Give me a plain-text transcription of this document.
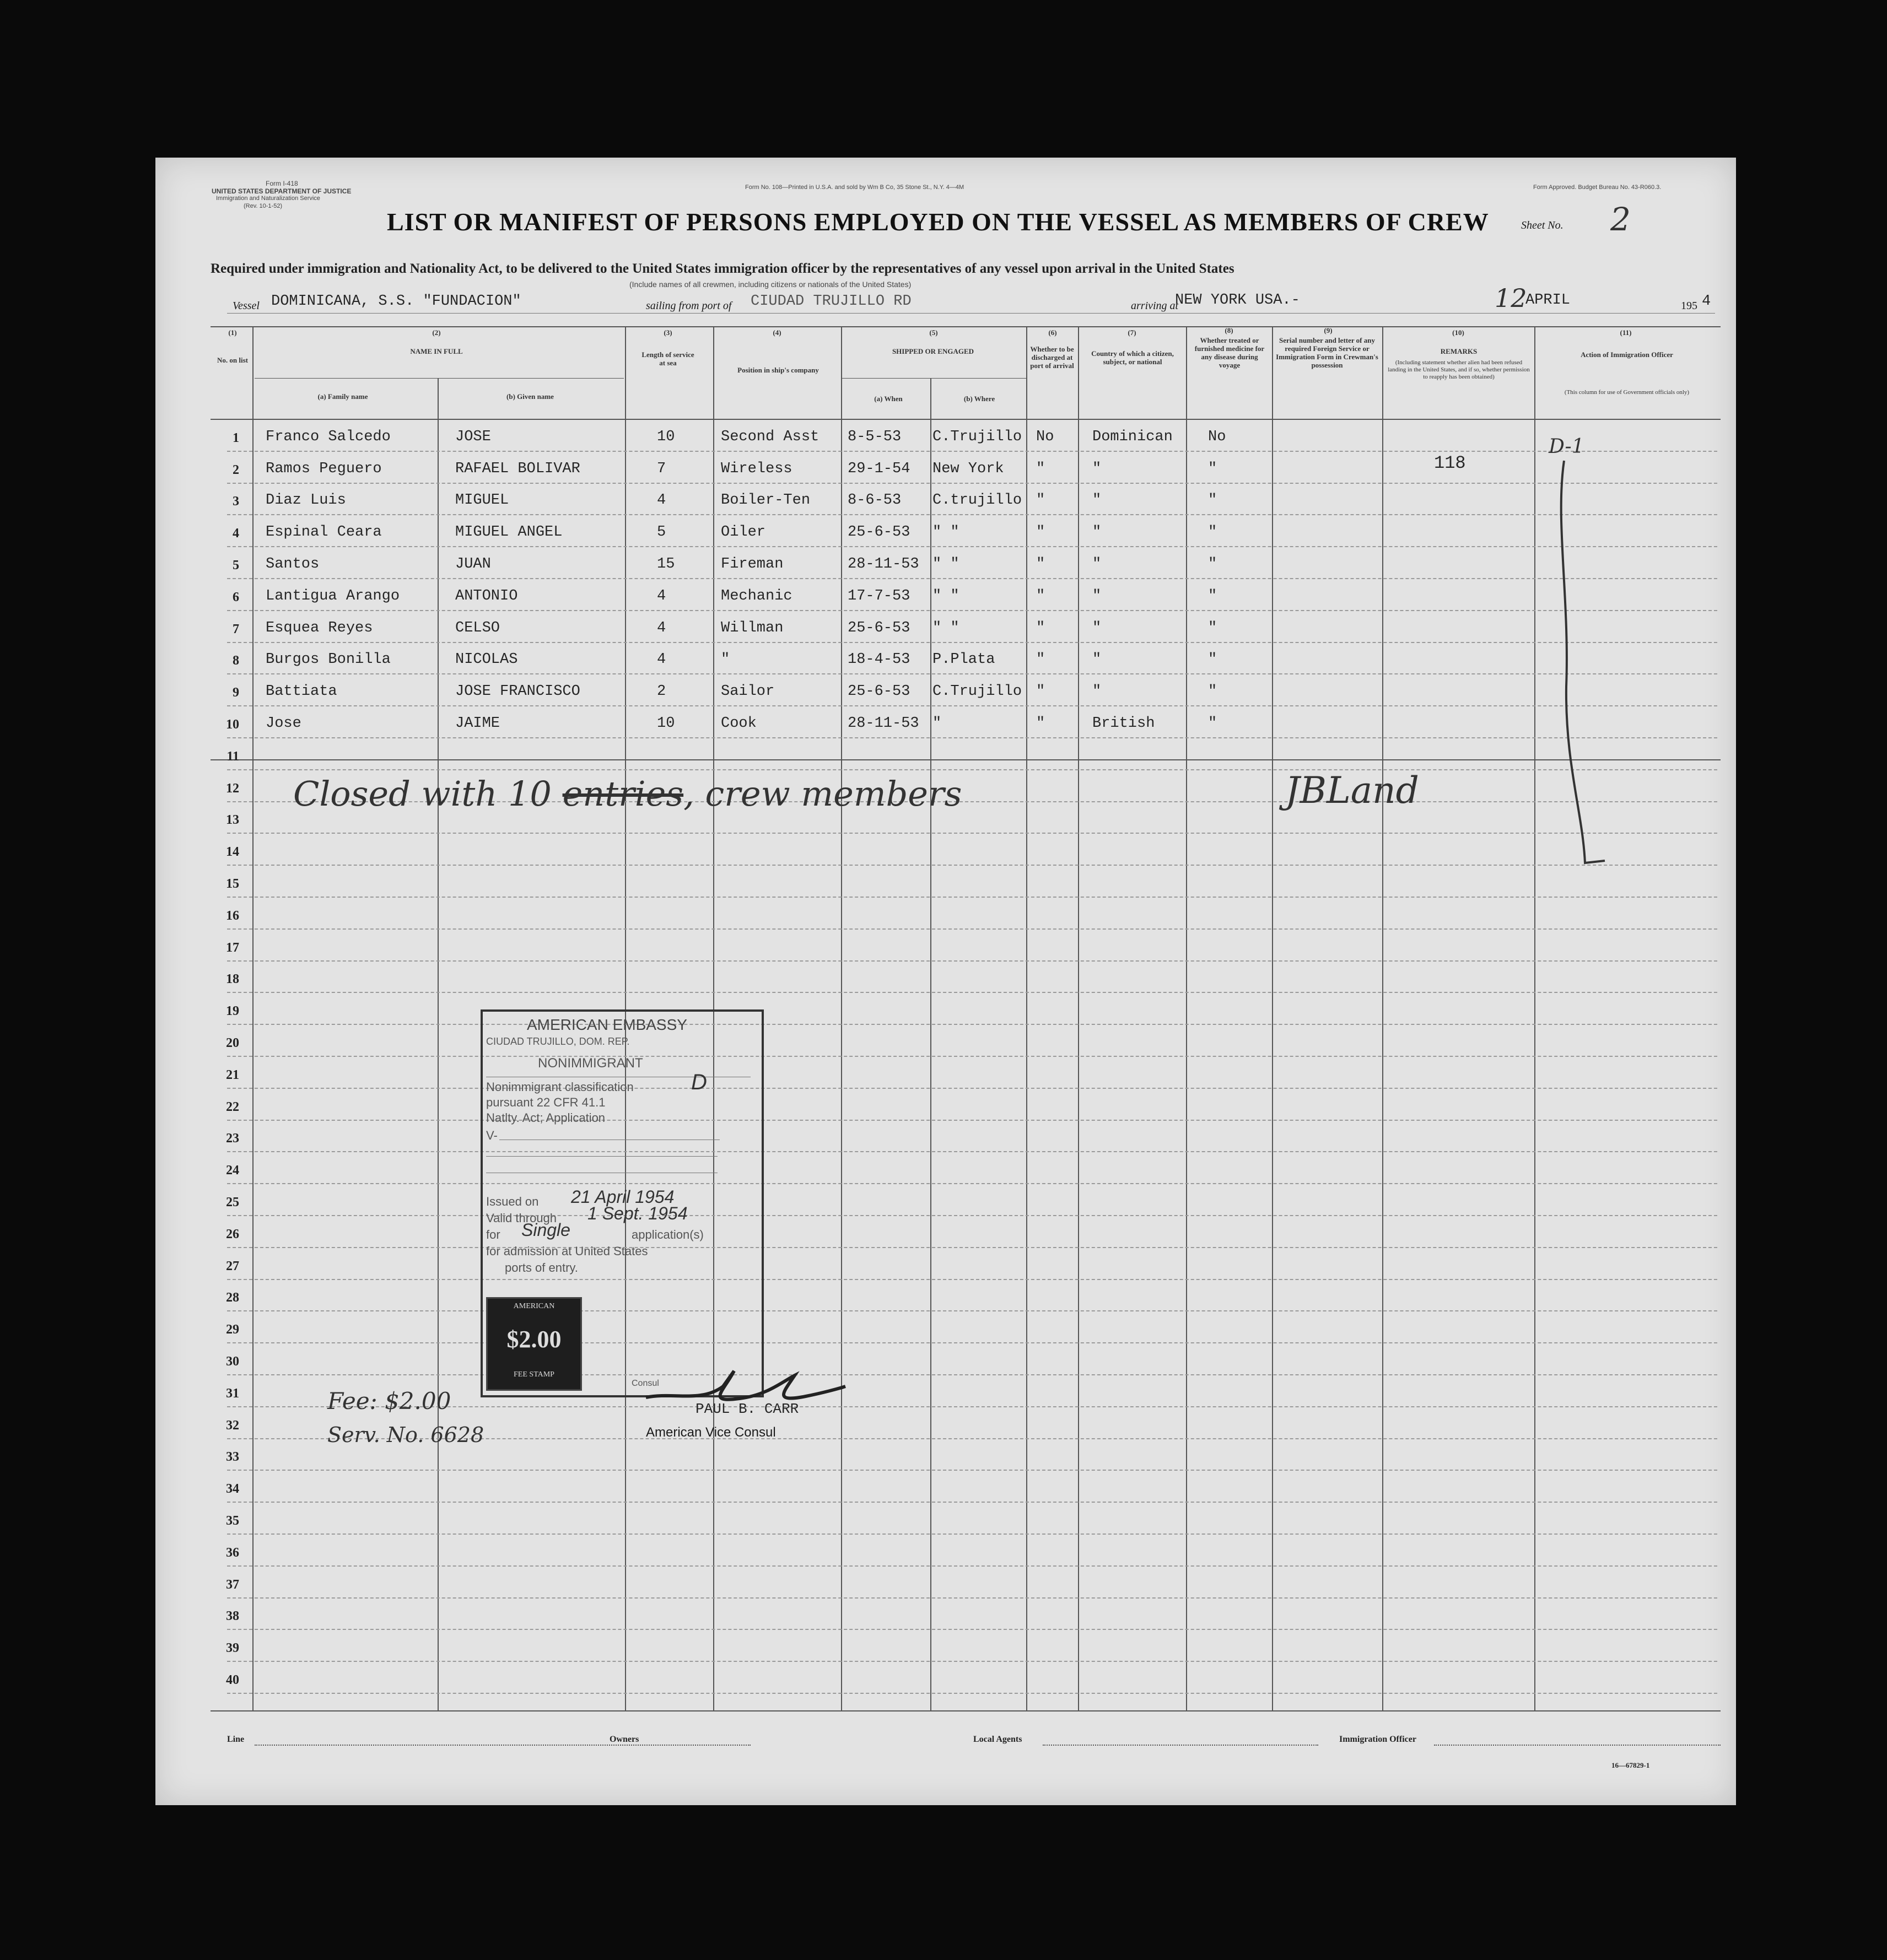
Form I-418
UNITED STATES DEPARTMENT OF JUSTICE
Immigration and Naturalization Service
(Rev. 10-1-52)
Form No. 108—Printed in U.S.A. and sold by Wm B Co, 35 Stone St., N.Y. 4—4M	Form Approved. Budget Bureau No. 43-R060.3.
LIST OR MANIFEST OF PERSONS EMPLOYED ON THE VESSEL AS MEMBERS OF CREW	Sheet No. 2
Required under immigration and Nationality Act, to be delivered to the United States immigration officer by the representatives of any vessel upon arrival in the United States
(Include names of all crewmen, including citizens or nationals of the United States)
Vessel DOMINICANA, S.S. "FUNDACION"	sailing from port of CIUDAD TRUJILLO RD	arriving at
NEW YORK USA.-	12
APRIL	195 4
(1)
No. on list
(2)
NAME IN FULL
(a) Family name	(b) Given name
(3)
Length of service at sea
(4)
Position in ship's company
(5)
SHIPPED OR ENGAGED
(a) When	(b) Where
(6)
Whether to be discharged at port of arrival
(7)
Country of which a citizen, subject, or national
(8)
Whether treated or furnished medicine for any disease during voyage
(9)
Serial number and letter of any required Foreign Service or Immigration Form in Crewman's possession
(10)
REMARKS
(Including statement whether alien had been refused landing in the United States, and if so, whether permission to reapply has been obtained)
(11)
Action of Immigration Officer
(This column for use of Government officials only)
1
2
3
4
5
6
7
8
9
10
11
12
13
14
15
16
17
18
19
20
21
22
23
24
25
26
27
28
29
30
31
32
33
34
35
36
37
38
39
40
Franco Salcedo	JOSE	10	Second Asst 8-5-53 C.Trujillo No	Dominican No
Ramos Peguero	RAFAEL BOLIVAR	7	Wireless	29-1-54 New York "	"	"	118
Diaz Luis	MIGUEL	4	Boiler-Ten	8-6-53 C.trujillo "	"	"
Espinal Ceara	MIGUEL ANGEL	5	Oiler	25-6-53 " "	"	"	"
Santos	JUAN	15	Fireman	28-11-53 " "	"	"	"
Lantigua Arango	ANTONIO	4	Mechanic	17-7-53 " "	"	"	"
Esquea Reyes	CELSO	4	Willman	25-6-53 " "	"	"	"
Burgos Bonilla	NICOLAS	4	"	18-4-53 P.Plata	"	"	"
Battiata	JOSE FRANCISCO	2	Sailor	25-6-53 C.Trujillo "	"	"
Jose	JAIME	10	Cook	28-11-53 "	"	British	"
Closed with 10 entries, crew members	JBLand
D-1
AMERICAN EMBASSY
CIUDAD TRUJILLO, DOM. REP.
NONIMMIGRANT
Nonimmigrant classification	D
pursuant 22 CFR 41.1
Natlty. Act; Application
V-
Issued on 21 April 1954
Valid through 1 Sept. 1954
for Single	application(s)
for admission at United States
ports of entry.
Consul
AMERICAN
$2.00
FEE STAMP
Fee: $2.00
Serv. No. 6628
PAUL B. CARR
American Vice Consul
Line	Owners	Local Agents	Immigration Officer
16—67829-1
